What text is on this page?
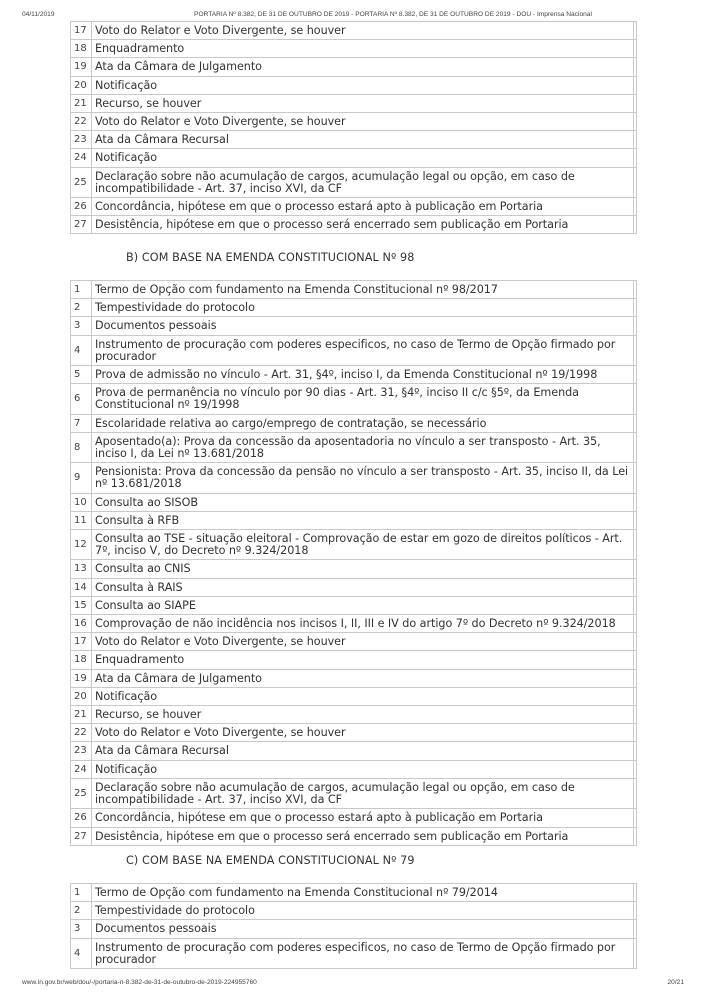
04/11/2019	PORTARIA Nº 8.382, DE 31 DE OUTUBRO DE 2019 - PORTARIA Nº 8.382, DE 31 DE OUTUBRO DE 2019 - DOU - Imprensa Nacional
17	Voto do Relator e Voto Divergente, se houver	
18	Enquadramento	
19	Ata da Câmara de Julgamento	
20	Notificação	
21	Recurso, se houver	
22	Voto do Relator e Voto Divergente, se houver	
23	Ata da Câmara Recursal	
24	Notificação	
25	Declaração sobre não acumulação de cargos, acumulação legal ou opção, em caso de incompatibilidade - Art. 37, inciso XVI, da CF	
26	Concordância, hipótese em que o processo estará apto à publicação em Portaria	
27	Desistência, hipótese em que o processo será encerrado sem publicação em Portaria	
B) COM BASE NA EMENDA CONSTITUCIONAL Nº 98
1	Termo de Opção com fundamento na Emenda Constitucional nº 98/2017	
2	Tempestividade do protocolo	
3	Documentos pessoais	
4	Instrumento de procuração com poderes especificos, no caso de Termo de Opção firmado por procurador	
5	Prova de admissão no vínculo - Art. 31, §4º, inciso I, da Emenda Constitucional nº 19/1998	
6	Prova de permanência no vínculo por 90 dias - Art. 31, §4º, inciso II c/c §5º, da Emenda Constitucional nº 19/1998	
7	Escolaridade relativa ao cargo/emprego de contratação, se necessário	
8	Aposentado(a): Prova da concessão da aposentadoria no vínculo a ser transposto - Art. 35, inciso I, da Lei nº 13.681/2018	
9	Pensionista: Prova da concessão da pensão no vínculo a ser transposto - Art. 35, inciso II, da Lei nº 13.681/2018	
10	Consulta ao SISOB	
11	Consulta à RFB	
12	Consulta ao TSE - situação eleitoral - Comprovação de estar em gozo de direitos políticos - Art. 7º, inciso V, do Decreto nº 9.324/2018	
13	Consulta ao CNIS	
14	Consulta à RAIS	
15	Consulta ao SIAPE	
16	Comprovação de não incidência nos incisos I, II, III e IV do artigo 7º do Decreto nº 9.324/2018	
17	Voto do Relator e Voto Divergente, se houver	
18	Enquadramento	
19	Ata da Câmara de Julgamento	
20	Notificação	
21	Recurso, se houver	
22	Voto do Relator e Voto Divergente, se houver	
23	Ata da Câmara Recursal	
24	Notificação	
25	Declaração sobre não acumulação de cargos, acumulação legal ou opção, em caso de incompatibilidade - Art. 37, inciso XVI, da CF	
26	Concordância, hipótese em que o processo estará apto à publicação em Portaria	
27	Desistência, hipótese em que o processo será encerrado sem publicação em Portaria	
C) COM BASE NA EMENDA CONSTITUCIONAL Nº 79
1	Termo de Opção com fundamento na Emenda Constitucional nº 79/2014	
2	Tempestividade do protocolo	
3	Documentos pessoais	
4	Instrumento de procuração com poderes especificos, no caso de Termo de Opção firmado por procurador	
www.in.gov.br/web/dou/-/portaria-n-8.382-de-31-de-outubro-de-2019-224955760	20/21
